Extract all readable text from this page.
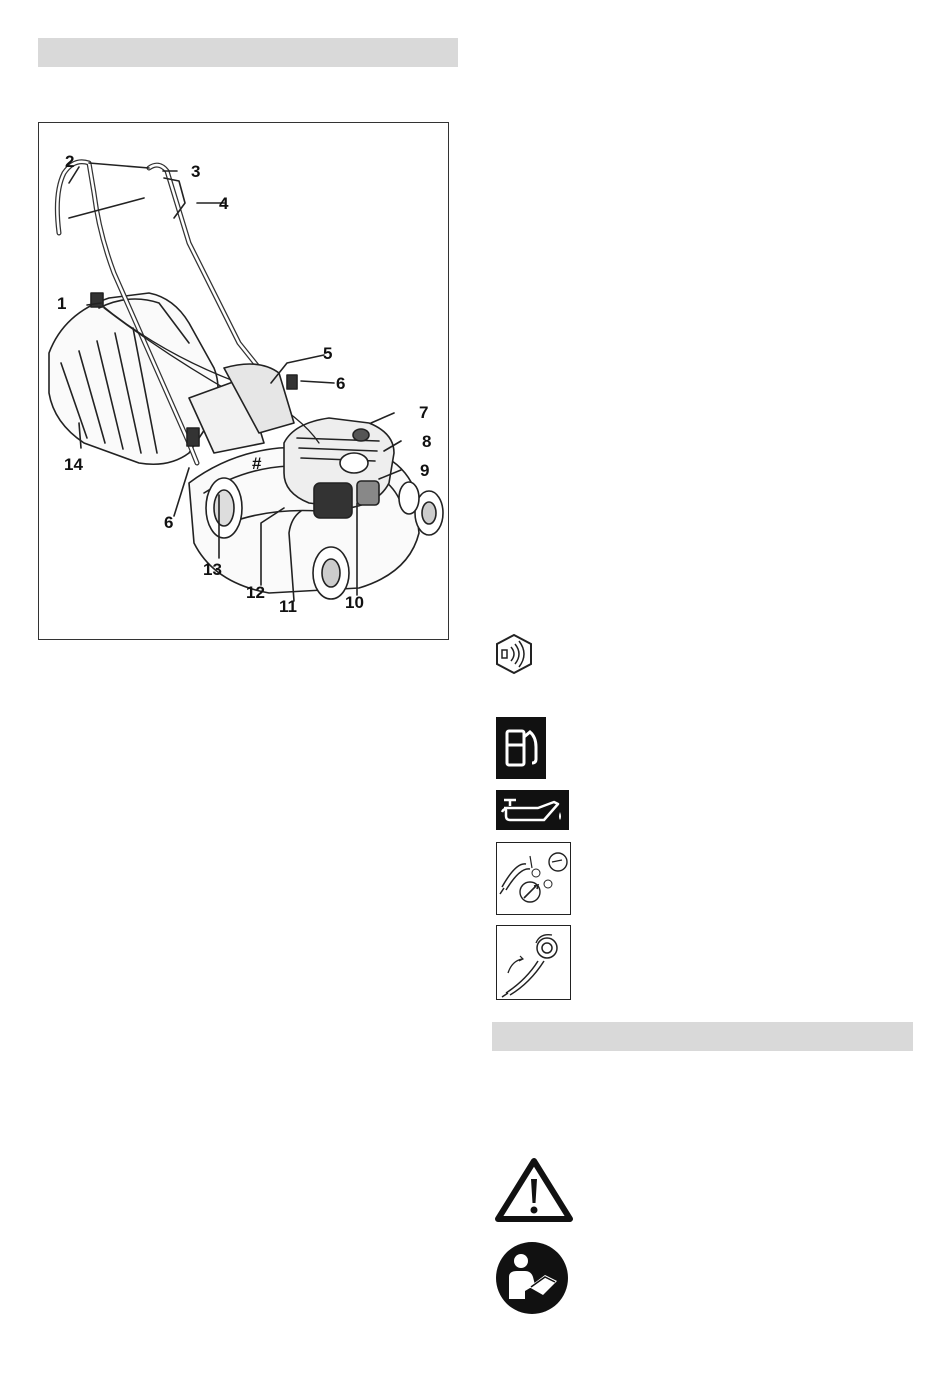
2
3
4
1
5
6
7
8
9
14	#
6
13
12
11	10
